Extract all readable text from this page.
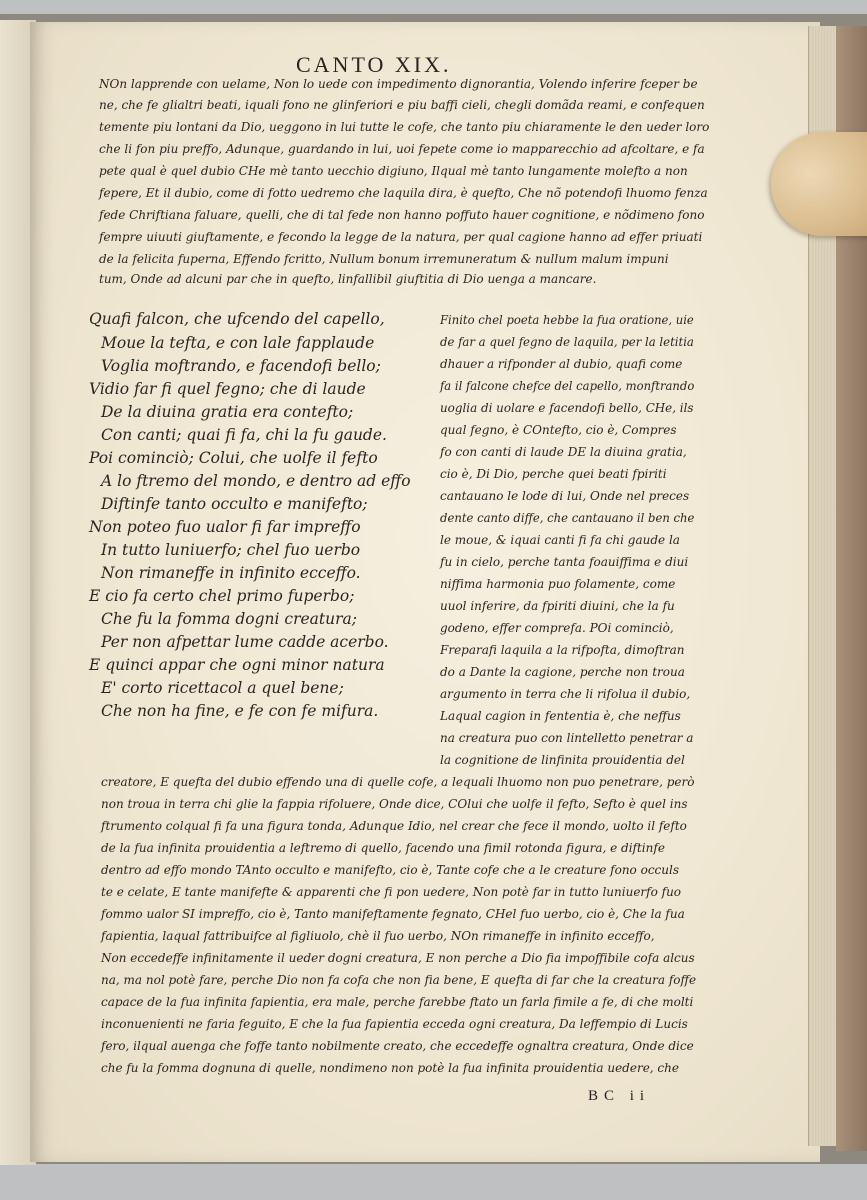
CANTO XIX.
NOn lapprende con uelame, Non lo uede con impedimento dignorantia, Volendo inferire fceper be
ne, che fe glialtri beati, iquali fono ne glinferiori e piu baffi cieli, chegli domãda reami, e confequen
temente piu lontani da Dio, ueggono in lui tutte le cofe, che tanto piu chiaramente le den ueder loro
che li fon piu preffo, Adunque, guardando in lui, uoi fepete come io mapparecchio ad afcoltare, e fa
pete qual è quel dubio CHe mè tanto uecchio digiuno, Ilqual mè tanto lungamente molefto a non
fepere, Et il dubio, come di fotto uedremo che laquila dira, è quefto, Che nõ potendofi lhuomo fenza
fede Chriftiana faluare, quelli, che di tal fede non hanno poffuto hauer cognitione, e nõdimeno fono
fempre uiuuti giuftamente, e fecondo la legge de la natura, per qual cagione hanno ad effer priuati
de la felicita fuperna, Effendo fcritto, Nullum bonum irremuneratum & nullum malum impuni
tum, Onde ad alcuni par che in quefto, linfallibil giuftitia di Dio uenga a mancare.
Quafi falcon, che ufcendo del capello,
Moue la tefta, e con lale fapplaude
Voglia moftrando, e facendofi bello;
Vidio far fi quel fegno; che di laude
De la diuina gratia era contefto;
Con canti; quai fi fa, chi la fu gaude.
Poi cominciò; Colui, che uolfe il fefto
A lo ftremo del mondo, e dentro ad effo
Diftinfe tanto occulto e manifefto;
Non poteo fuo ualor fi far impreffo
In tutto luniuerfo; chel fuo uerbo
Non rimaneffe in infinito ecceffo.
E cio fa certo chel primo fuperbo;
Che fu la fomma dogni creatura;
Per non afpettar lume cadde acerbo.
E quinci appar che ogni minor natura
E' corto ricettacol a quel bene;
Che non ha fine, e fe con fe mifura.
Finito chel poeta hebbe la fua oratione, uie
de far a quel fegno de laquila, per la letitia
dhauer a rifponder al dubio, quafi come
fa il falcone chefce del capello, monftrando
uoglia di uolare e facendofi bello, CHe, ils
qual fegno, è COntefto, cio è, Compres
fo con canti di laude DE la diuina gratia,
cio è, Di Dio, perche quei beati fpiriti
cantauano le lode di lui, Onde nel preces
dente canto diffe, che cantauano il ben che
le moue, & iquai canti fi fa chi gaude la
fu in cielo, perche tanta foauiffima e diui
niffima harmonia puo folamente, come
uuol inferire, da fpiriti diuini, che la fu
godeno, effer comprefa. POi cominciò,
Freparafi laquila a la rifpofta, dimoftran
do a Dante la cagione, perche non troua
argumento in terra che li rifolua il dubio,
Laqual cagion in fententia è, che neffus
na creatura puo con lintelletto penetrar a
la cognitione de linfinita prouidentia del
creatore, E quefta del dubio effendo una di quelle cofe, a lequali lhuomo non puo penetrare, però
non troua in terra chi glie la fappia rifoluere, Onde dice, COlui che uolfe il fefto, Sefto è quel ins
ftrumento colqual fi fa una figura tonda, Adunque Idio, nel crear che fece il mondo, uolto il fefto
de la fua infinita prouidentia a leftremo di quello, facendo una fimil rotonda figura, e diftinfe
dentro ad effo mondo TAnto occulto e manifefto, cio è, Tante cofe che a le creature fono occuls
te e celate, E tante manifefte & apparenti che fi pon uedere, Non potè far in tutto luniuerfo fuo
fommo ualor SI impreffo, cio è, Tanto manifeftamente fegnato, CHel fuo uerbo, cio è, Che la fua
fapientia, laqual fattribuifce al figliuolo, chè il fuo uerbo, NOn rimaneffe in infinito ecceffo,
Non eccedeffe infinitamente il ueder dogni creatura, E non perche a Dio fia impoffibile cofa alcus
na, ma nol potè fare, perche Dio non fa cofa che non fia bene, E quefta di far che la creatura foffe
capace de la fua infinita fapientia, era male, perche farebbe ftato un farla fimile a fe, di che molti
inconuenienti ne faria feguito, E che la fua fapientia ecceda ogni creatura, Da leffempio di Lucis
fero, ilqual auenga che foffe tanto nobilmente creato, che eccedeffe ognaltra creatura, Onde dice
che fu la fomma dognuna di quelle, nondimeno non potè la fua infinita prouidentia uedere, che
BC ii
